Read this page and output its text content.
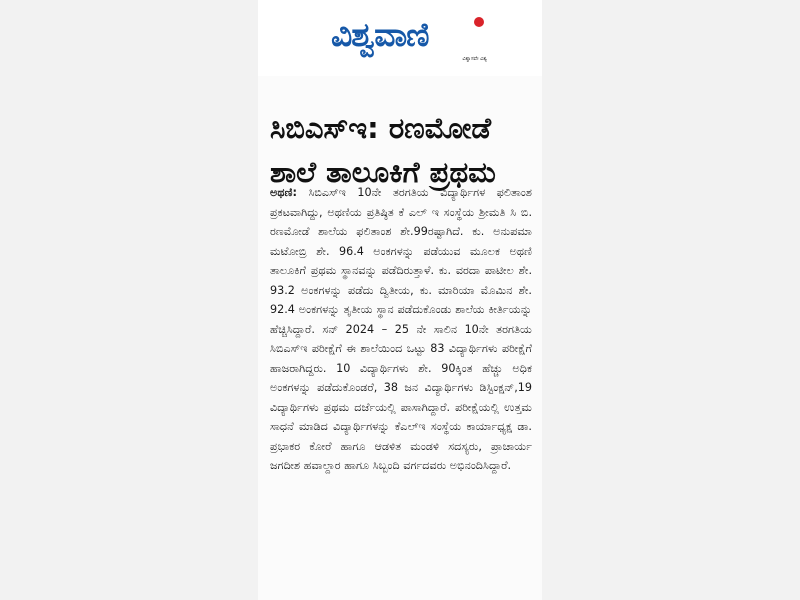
ವಿಶ್ವವಾಣಿ
ವಿಶ್ವಾಸವೇ ವಿಶ್ವ
ಸಿಬಿಎಸ್‌ಇ: ರಣಮೋಡೆ
ಶಾಲೆ ತಾಲೂಕಿಗೆ ಪ್ರಥಮ

ಅಥಣಿ: ಸಿಬಿಎಸ್‌ಇ 10ನೇ ತರಗತಿಯ ವಿದ್ಯಾರ್ಥಿಗಳ ಫಲಿತಾಂಶ ಪ್ರಕಟವಾಗಿದ್ದು, ಅಥಣಿಯ ಪ್ರತಿಷ್ಠಿತ ಕೆ ಎಲ್ ಇ ಸಂಸ್ಥೆಯ ಶ್ರೀಮತಿ ಸಿ ಬಿ. ರಣಮೋಡೆ ಶಾಲೆಯ ಫಲಿತಾಂಶ ಶೇ.99ರಷ್ಟಾಗಿದೆ. ಕು. ಅನುಪಮಾ ಮಟೋಬ್ರಿ ಶೇ. 96.4 ಅಂಕಗಳನ್ನು ಪಡೆಯುವ ಮೂಲಕ ಅಥಣಿ ತಾಲೂಕಿಗೆ ಪ್ರಥಮ ಸ್ಥಾನವನ್ನು ಪಡೆದಿರುತ್ತಾಳೆ. ಕು. ವರದಾ ಪಾಟೀಲ ಶೇ. 93.2 ಅಂಕಗಳನ್ನು ಪಡೆದು ದ್ವಿತೀಯ, ಕು. ಮಾರಿಯಾ ಮೊಮಿನ ಶೇ. 92.4 ಅಂಕಗಳನ್ನು ತೃತೀಯ ಸ್ಥಾನ ಪಡೆದುಕೊಂಡು ಶಾಲೆಯ ಕೀರ್ತಿಯನ್ನು ಹೆಚ್ಚಿಸಿದ್ದಾರೆ. ಸನ್ 2024 – 25 ನೇ ಸಾಲಿನ 10ನೇ ತರಗತಿಯ ಸಿಬಿಎಸ್‌ಇ ಪರೀಕ್ಷೆಗೆ ಈ ಶಾಲೆಯಿಂದ ಒಟ್ಟು 83 ವಿದ್ಯಾರ್ಥಿಗಳು ಪರೀಕ್ಷೆಗೆ ಹಾಜರಾಗಿದ್ದರು. 10 ವಿದ್ಯಾರ್ಥಿಗಳು ಶೇ. 90ಕ್ಕಿಂತ ಹೆಚ್ಚು ಅಧಿಕ ಅಂಕಗಳನ್ನು ಪಡೆದುಕೊಂಡರೆ, 38 ಜನ ವಿದ್ಯಾರ್ಥಿಗಳು ಡಿಸ್ಟಿಂಕ್ಷನ್,19 ವಿದ್ಯಾರ್ಥಿಗಳು ಪ್ರಥಮ ದರ್ಜೆಯಲ್ಲಿ ಪಾಸಾಗಿದ್ದಾರೆ. ಪರೀಕ್ಷೆಯಲ್ಲಿ ಉತ್ತಮ ಸಾಧನೆ ಮಾಡಿದ ವಿದ್ಯಾರ್ಥಿಗಳನ್ನು ಕೆಎಲ್‌ಇ ಸಂಸ್ಥೆಯ ಕಾರ್ಯಾಧ್ಯಕ್ಷ ಡಾ. ಪ್ರಭಾಕರ ಕೋರೆ ಹಾಗೂ ಆಡಳಿತ ಮಂಡಳಿ ಸದಸ್ಯರು, ಪ್ರಾಚಾರ್ಯ ಜಗದೀಶ ಹವಾಲ್ದಾರ ಹಾಗೂ ಸಿಬ್ಬಂದಿ ವರ್ಗದವರು ಅಭಿನಂದಿಸಿದ್ದಾರೆ.
